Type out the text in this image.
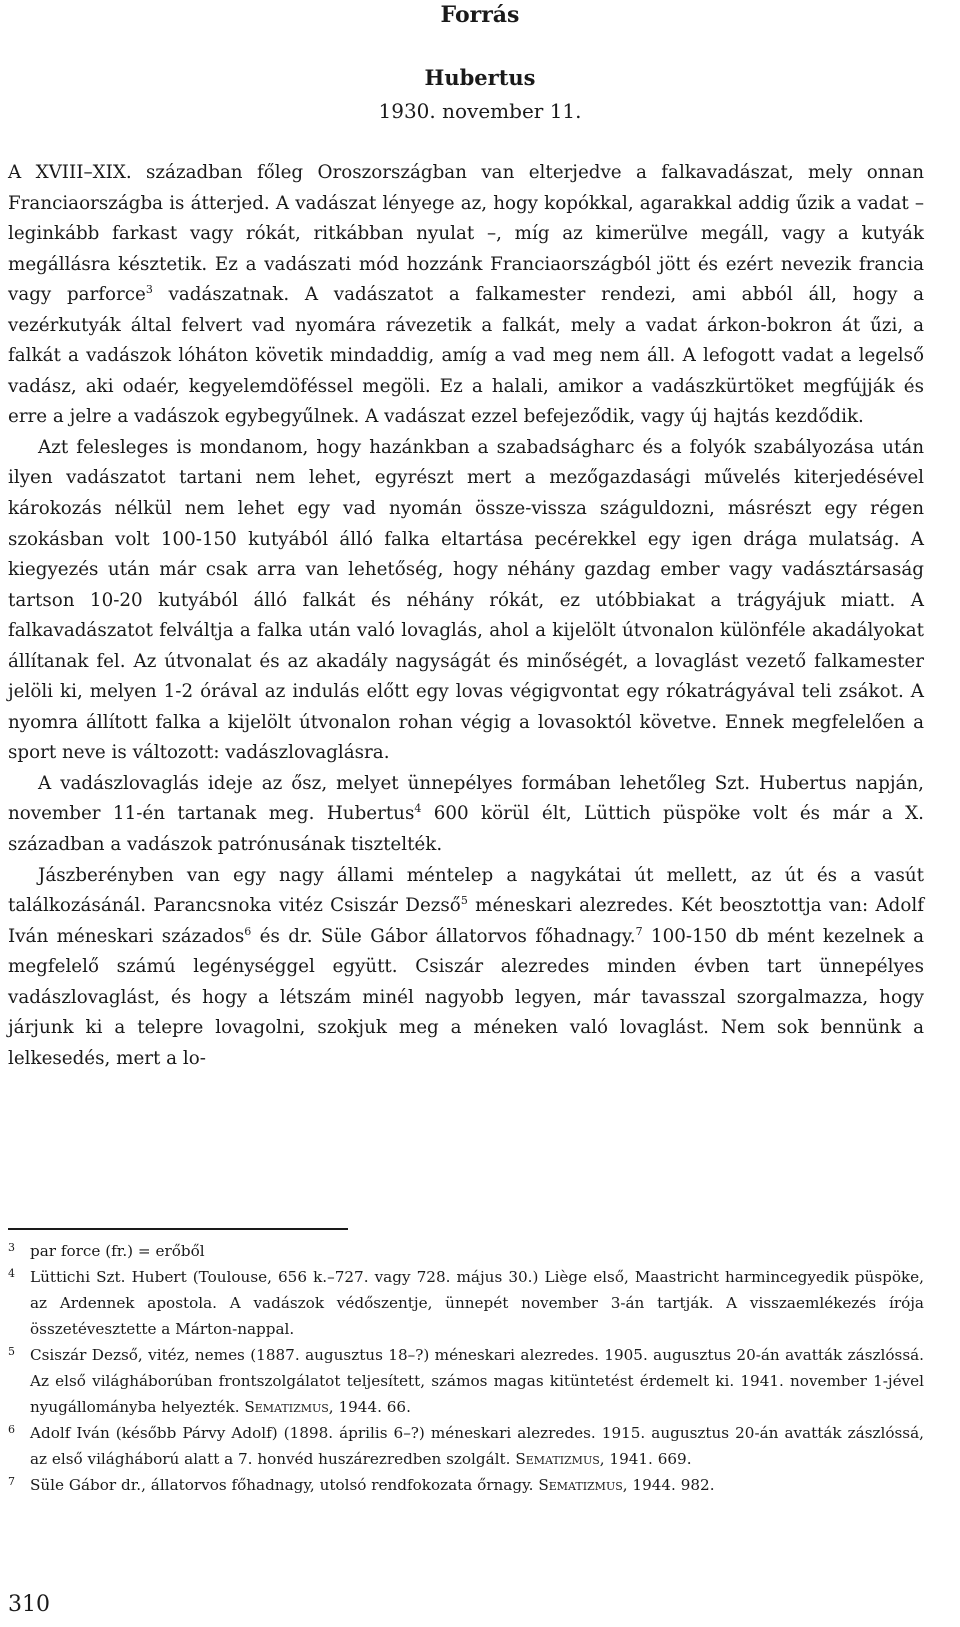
Forrás
Hubertus
1930. november 11.

A XVIII–XIX. században főleg Oroszországban van elterjedve a falkavadászat, mely onnan Franciaországba is átterjed. A vadászat lényege az, hogy kopókkal, agarakkal addig űzik a vadat – leginkább farkast vagy rókát, ritkábban nyulat –, míg az kimerülve megáll, vagy a kutyák megállásra késztetik. Ez a vadászati mód hozzánk Franciaországból jött és ezért nevezik francia vagy parforce$^3$ vadászatnak. A vadászatot a falkamester rendezi, ami abból áll, hogy a vezérkutyák által felvert vad nyomára rávezetik a falkát, mely a vadat árkon-bokron át űzi, a falkát a vadászok lóháton követik mindaddig, amíg a vad meg nem áll. A lefogott vadat a legelső vadász, aki odaér, kegyelemdöféssel megöli. Ez a halali, amikor a vadászkürtöket megfújják és erre a jelre a vadászok egybegyűlnek. A vadászat ezzel befejeződik, vagy új hajtás kezdődik.

Azt felesleges is mondanom, hogy hazánkban a szabadságharc és a folyók szabályozása után ilyen vadászatot tartani nem lehet, egyrészt mert a mezőgazdasági művelés kiterjedésével károkozás nélkül nem lehet egy vad nyomán össze-vissza száguldozni, másrészt egy régen szokásban volt 100-150 kutyából álló falka eltartása pecérekkel egy igen drága mulatság. A kiegyezés után már csak arra van lehetőség, hogy néhány gazdag ember vagy vadásztársaság tartson 10-20 kutyából álló falkát és néhány rókát, ez utóbbiakat a trágyájuk miatt. A falkavadászatot felváltja a falka után való lovaglás, ahol a kijelölt útvonalon különféle akadályokat állítanak fel. Az útvonalat és az akadály nagyságát és minőségét, a lovaglást vezető falkamester jelöli ki, melyen 1-2 órával az indulás előtt egy lovas végigvontat egy rókatrágyával teli zsákot. A nyomra állított falka a kijelölt útvonalon rohan végig a lovasoktól követve. Ennek megfelelően a sport neve is változott: vadászlovaglásra.

A vadászlovaglás ideje az ősz, melyet ünnepélyes formában lehetőleg Szt. Hubertus napján, november 11-én tartanak meg. Hubertus$^4$ 600 körül élt, Lüttich püspöke volt és már a X. században a vadászok patrónusának tisztelték.

Jászberényben van egy nagy állami méntelep a nagykátai út mellett, az út és a vasút találkozásánál. Parancsnoka vitéz Csiszár Dezső$^5$ méneskari alezredes. Két beosztottja van: Adolf Iván méneskari százados$^6$ és dr. Süle Gábor állatorvos főhadnagy.$^7$ 100-150 db mént kezelnek a megfelelő számú legénységgel együtt. Csiszár alezredes minden évben tart ünnepélyes vadászlovaglást, és hogy a létszám minél nagyobb legyen, már tavasszal szorgalmazza, hogy járjunk ki a telepre lovagolni, szokjuk meg a méneken való lovaglást. Nem sok bennünk a lelkesedés, mert a lo-

3 par force (fr.) = erőből
4 Lüttichi Szt. Hubert (Toulouse, 656 k.–727. vagy 728. május 30.) Liège első, Maastricht harmincegyedik püspöke, az Ardennek apostola. A vadászok védőszentje, ünnepét november 3-án tartják. A visszaemlékezés írója összetévesztette a Márton-nappal.
5 Csiszár Dezső, vitéz, nemes (1887. augusztus 18–?) méneskari alezredes. 1905. augusztus 20-án avatták zászlóssá. Az első világháborúban frontszolgálatot teljesített, számos magas kitüntetést érdemelt ki. 1941. november 1-jével nyugállományba helyezték. Sematizmus, 1944. 66.
6 Adolf Iván (később Párvy Adolf) (1898. április 6–?) méneskari alezredes. 1915. augusztus 20-án avatták zászlóssá, az első világháború alatt a 7. honvéd huszárezredben szolgált. Sematizmus, 1941. 669.
7 Süle Gábor dr., állatorvos főhadnagy, utolsó rendfokozata őrnagy. Sematizmus, 1944. 982.
310
